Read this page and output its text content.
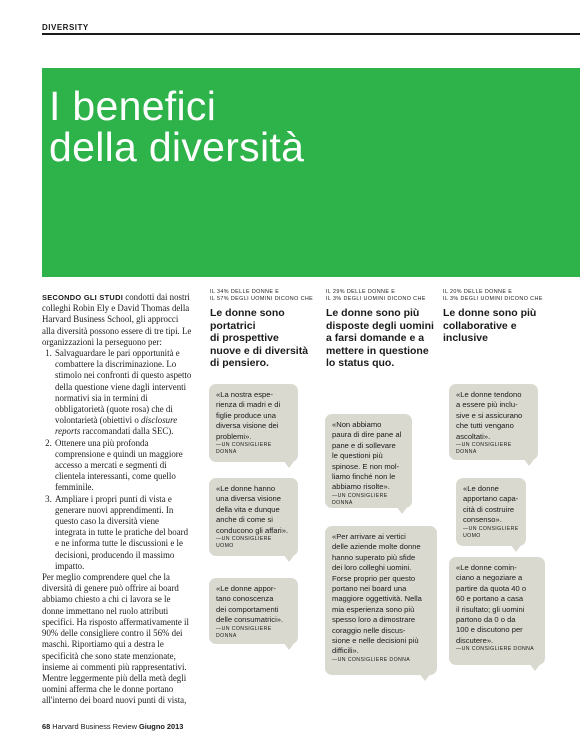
DIVERSITY
I benefici
della diversità

SECONDO GLI STUDI condotti dai nostri colleghi Robin Ely e David Thomas della Harvard Business School, gli approcci alla diversità possono essere di tre tipi. Le organizzazioni la perseguono per:

1. Salvaguardare le pari opportunità e combattere la discriminazione. Lo stimolo nei confronti di questo aspetto della questione viene dagli interventi normativi sia in termini di obbligatorietà (quote rosa) che di volontarietà (obiettivi o disclosure reports raccomandati dalla SEC).
2. Ottenere una più profonda comprensione e quindi un maggiore accesso a mercati e segmenti di clientela interessanti, come quello femminile.
3. Ampliare i propri punti di vista e generare nuovi apprendimenti. In questo caso la diversità viene integrata in tutte le pratiche del board e ne informa tutte le discussioni e le decisioni, producendo il massimo impatto.

Per meglio comprendere quel che la diversità di genere può offrire ai board abbiamo chiesto a chi ci lavora se le donne immettano nel ruolo attributi specifici. Ha risposto affermativamente il 90% delle consigliere contro il 56% dei maschi. Riportiamo qui a destra le specificità che sono state menzionate, insieme ai commenti più rappresentativi.

Mentre leggermente più della metà degli uomini afferma che le donne portano all'interno dei board nuovi punti di vista,

IL 34% DELLE DONNE E
IL 57% DEGLI UOMINI DICONO CHE
Le donne sono
portatrici
di prospettive
nuove e di diversità
di pensiero.
IL 29% DELLE DONNE E
IL 3% DEGLI UOMINI DICONO CHE
Le donne sono più
disposte degli uomini
a farsi domande e a
mettere in questione
lo status quo.
IL 20% DELLE DONNE E
IL 3% DEGLI UOMINI DICONO CHE
Le donne sono più
collaborative e
inclusive
«La nostra espe-
rienza di madri e di
figlie produce una
diversa visione dei
problemi».
—UN CONSIGLIERE DONNA
«Le donne hanno
una diversa visione
della vita e dunque
anche di come si
conducono gli affari».
—UN CONSIGLIERE UOMO
«Le donne appor-
tano conoscenza
dei comportamenti
delle consumatrici».
—UN CONSIGLIERE DONNA
«Non abbiamo
paura di dire pane al
pane e di sollevare
le questioni più
spinose. E non mol-
liamo finché non le
abbiamo risolte».
—UN CONSIGLIERE DONNA
«Per arrivare ai vertici
delle aziende molte donne
hanno superato più sfide
dei loro colleghi uomini.
Forse proprio per questo
portano nei board una
maggiore oggettività. Nella
mia esperienza sono più
spesso loro a dimostrare
coraggio nelle discus-
sione e nelle decisioni più
difficili».
—UN CONSIGLIERE DONNA
«Le donne tendono
a essere più inclu-
sive e si assicurano
che tutti vengano
ascoltati».
—UN CONSIGLIERE DONNA
«Le donne
apportano capa-
cità di costruire
consenso».
—UN CONSIGLIERE
UOMO
«Le donne comin-
ciano a negoziare a
partire da quota 40 o
60 e portano a casa
il risultato; gli uomini
partono da 0 o da
100 e discutono per
discutere».
—UN CONSIGLIERE DONNA
68 Harvard Business Review Giugno 2013
